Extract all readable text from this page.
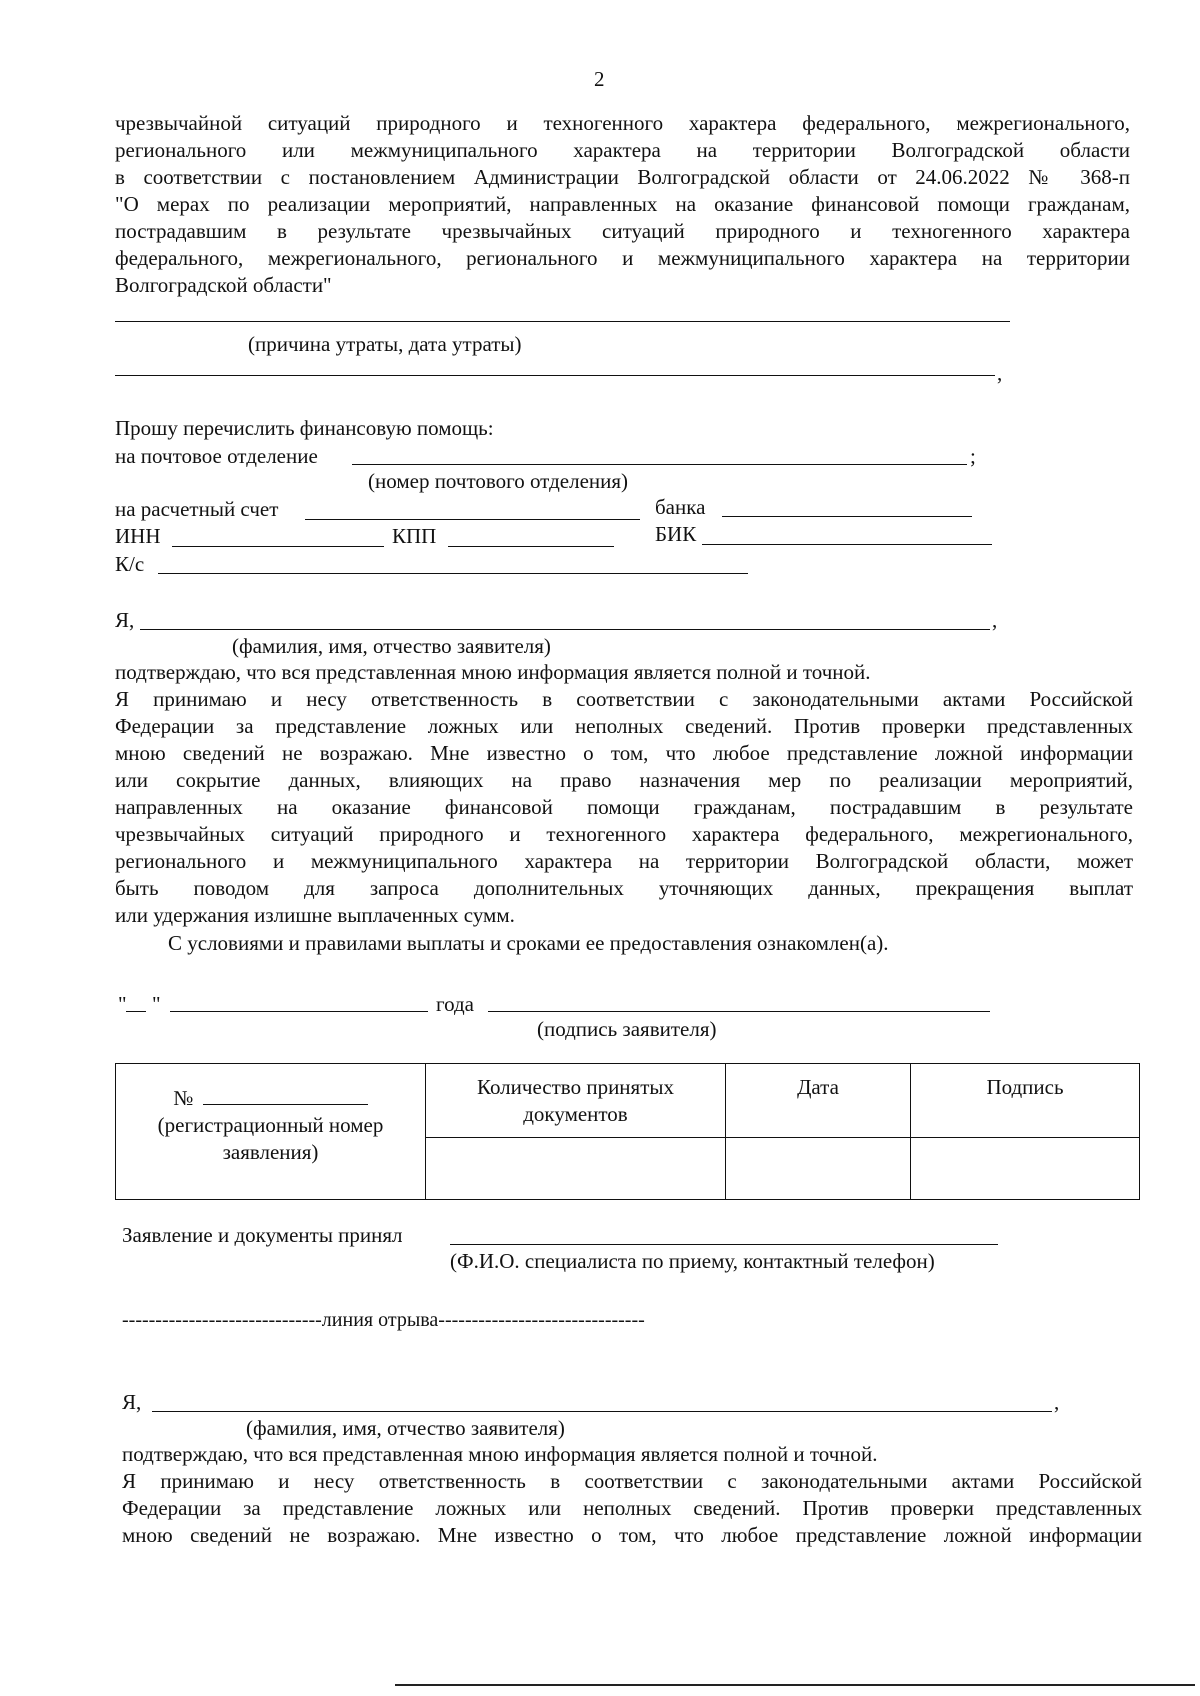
2

чрезвычайной ситуаций природного и техногенного характера федерального, межрегионального,

регионального или межмуниципального характера на территории Волгоградской области

в соответствии с постановлением Администрации Волгоградской области от 24.06.2022 № 368-п

"О мерах по реализации мероприятий, направленных на оказание финансовой помощи гражданам,

пострадавшим в результате чрезвычайных ситуаций природного и техногенного характера

федерального, межрегионального, регионального и межмуниципального характера на территории

Волгоградской области"

(причина утраты, дата утраты)
,
Прошу перечислить финансовую помощь:
на почтовое отделение	;
(номер почтового отделения)
на расчетный счет	банка
ИНН	КПП	БИК
К/с
Я,	,
(фамилия, имя, отчество заявителя)

подтверждаю, что вся представленная мною информация является полной и точной.

Я принимаю и несу ответственность в соответствии с законодательными актами Российской

Федерации за представление ложных или неполных сведений. Против проверки представленных

мною сведений не возражаю. Мне известно о том, что любое представление ложной информации

или сокрытие данных, влияющих на право назначения мер по реализации мероприятий,

направленных на оказание финансовой помощи гражданам, пострадавшим в результате

чрезвычайных ситуаций природного и техногенного характера федерального, межрегионального,

регионального и межмуниципального характера на территории Волгоградской области, может

быть поводом для запроса дополнительных уточняющих данных, прекращения выплат

или удержания излишне выплаченных сумм.

С условиями и правилами выплаты и сроками ее предоставления ознакомлен(а).
" "	года
(подпись заявителя)
№
(регистрационный номер заявления)	Количество принятых документов	Дата	Подпись

Заявление и документы принял
(Ф.И.О. специалиста по приему, контактный телефон)
------------------------------линия отрыва-------------------------------
Я,	,
(фамилия, имя, отчество заявителя)

подтверждаю, что вся представленная мною информация является полной и точной.

Я принимаю и несу ответственность в соответствии с законодательными актами Российской

Федерации за представление ложных или неполных сведений. Против проверки представленных

мною сведений не возражаю. Мне известно о том, что любое представление ложной информации
